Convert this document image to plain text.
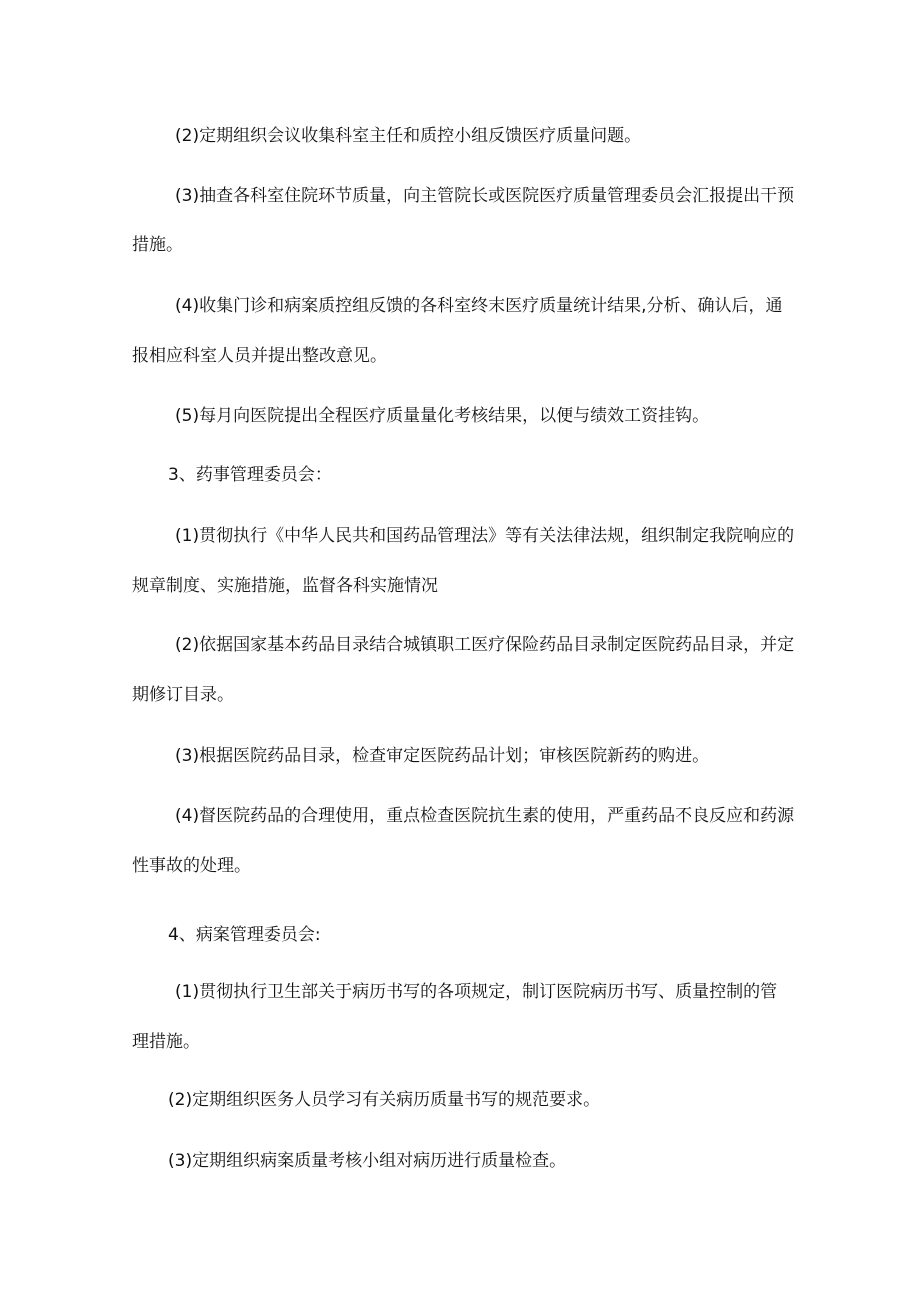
(2)定期组织会议收集科室主任和质控小组反馈医疗质量问题。
(3)抽查各科室住院环节质量，向主管院长或医院医疗质量管理委员会汇报提出干预
措施。
(4)收集门诊和病案质控组反馈的各科室终末医疗质量统计结果,分析、确认后，通
报相应科室人员并提出整改意见。
(5)每月向医院提出全程医疗质量量化考核结果，以便与绩效工资挂钩。
3、药事管理委员会：
(1)贯彻执行《中华人民共和国药品管理法》等有关法律法规，组织制定我院响应的
规章制度、实施措施，监督各科实施情况
(2)依据国家基本药品目录结合城镇职工医疗保险药品目录制定医院药品目录，并定
期修订目录。
(3)根据医院药品目录，检查审定医院药品计划；审核医院新药的购进。
(4)督医院药品的合理使用，重点检查医院抗生素的使用，严重药品不良反应和药源
性事故的处理。
4、病案管理委员会:
(1)贯彻执行卫生部关于病历书写的各项规定，制订医院病历书写、质量控制的管
理措施。
(2)定期组织医务人员学习有关病历质量书写的规范要求。
(3)定期组织病案质量考核小组对病历进行质量检查。
